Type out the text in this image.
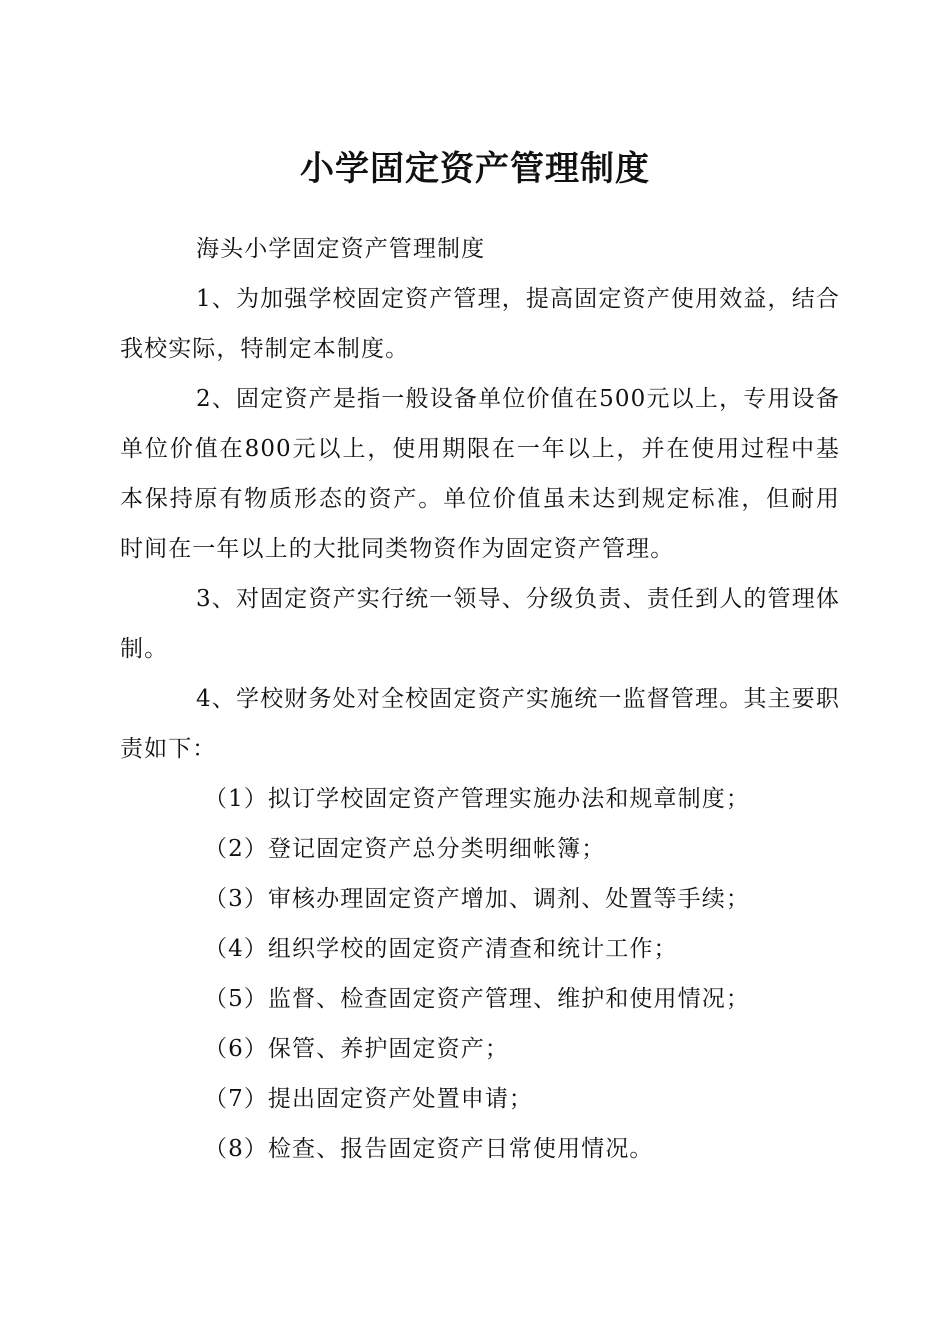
小学固定资产管理制度

海头小学固定资产管理制度

1、为加强学校固定资产管理，提高固定资产使用效益，结合我校实际，特制定本制度。

2、固定资产是指一般设备单位价值在500元以上，专用设备单位价值在800元以上，使用期限在一年以上，并在使用过程中基本保持原有物质形态的资产。单位价值虽未达到规定标准，但耐用时间在一年以上的大批同类物资作为固定资产管理。

3、对固定资产实行统一领导、分级负责、责任到人的管理体制。

4、学校财务处对全校固定资产实施统一监督管理。其主要职责如下：

（1）拟订学校固定资产管理实施办法和规章制度；

（2）登记固定资产总分类明细帐簿；

（3）审核办理固定资产增加、调剂、处置等手续；

（4）组织学校的固定资产清查和统计工作；

（5）监督、检查固定资产管理、维护和使用情况；

（6）保管、养护固定资产；

（7）提出固定资产处置申请；

（8）检查、报告固定资产日常使用情况。
